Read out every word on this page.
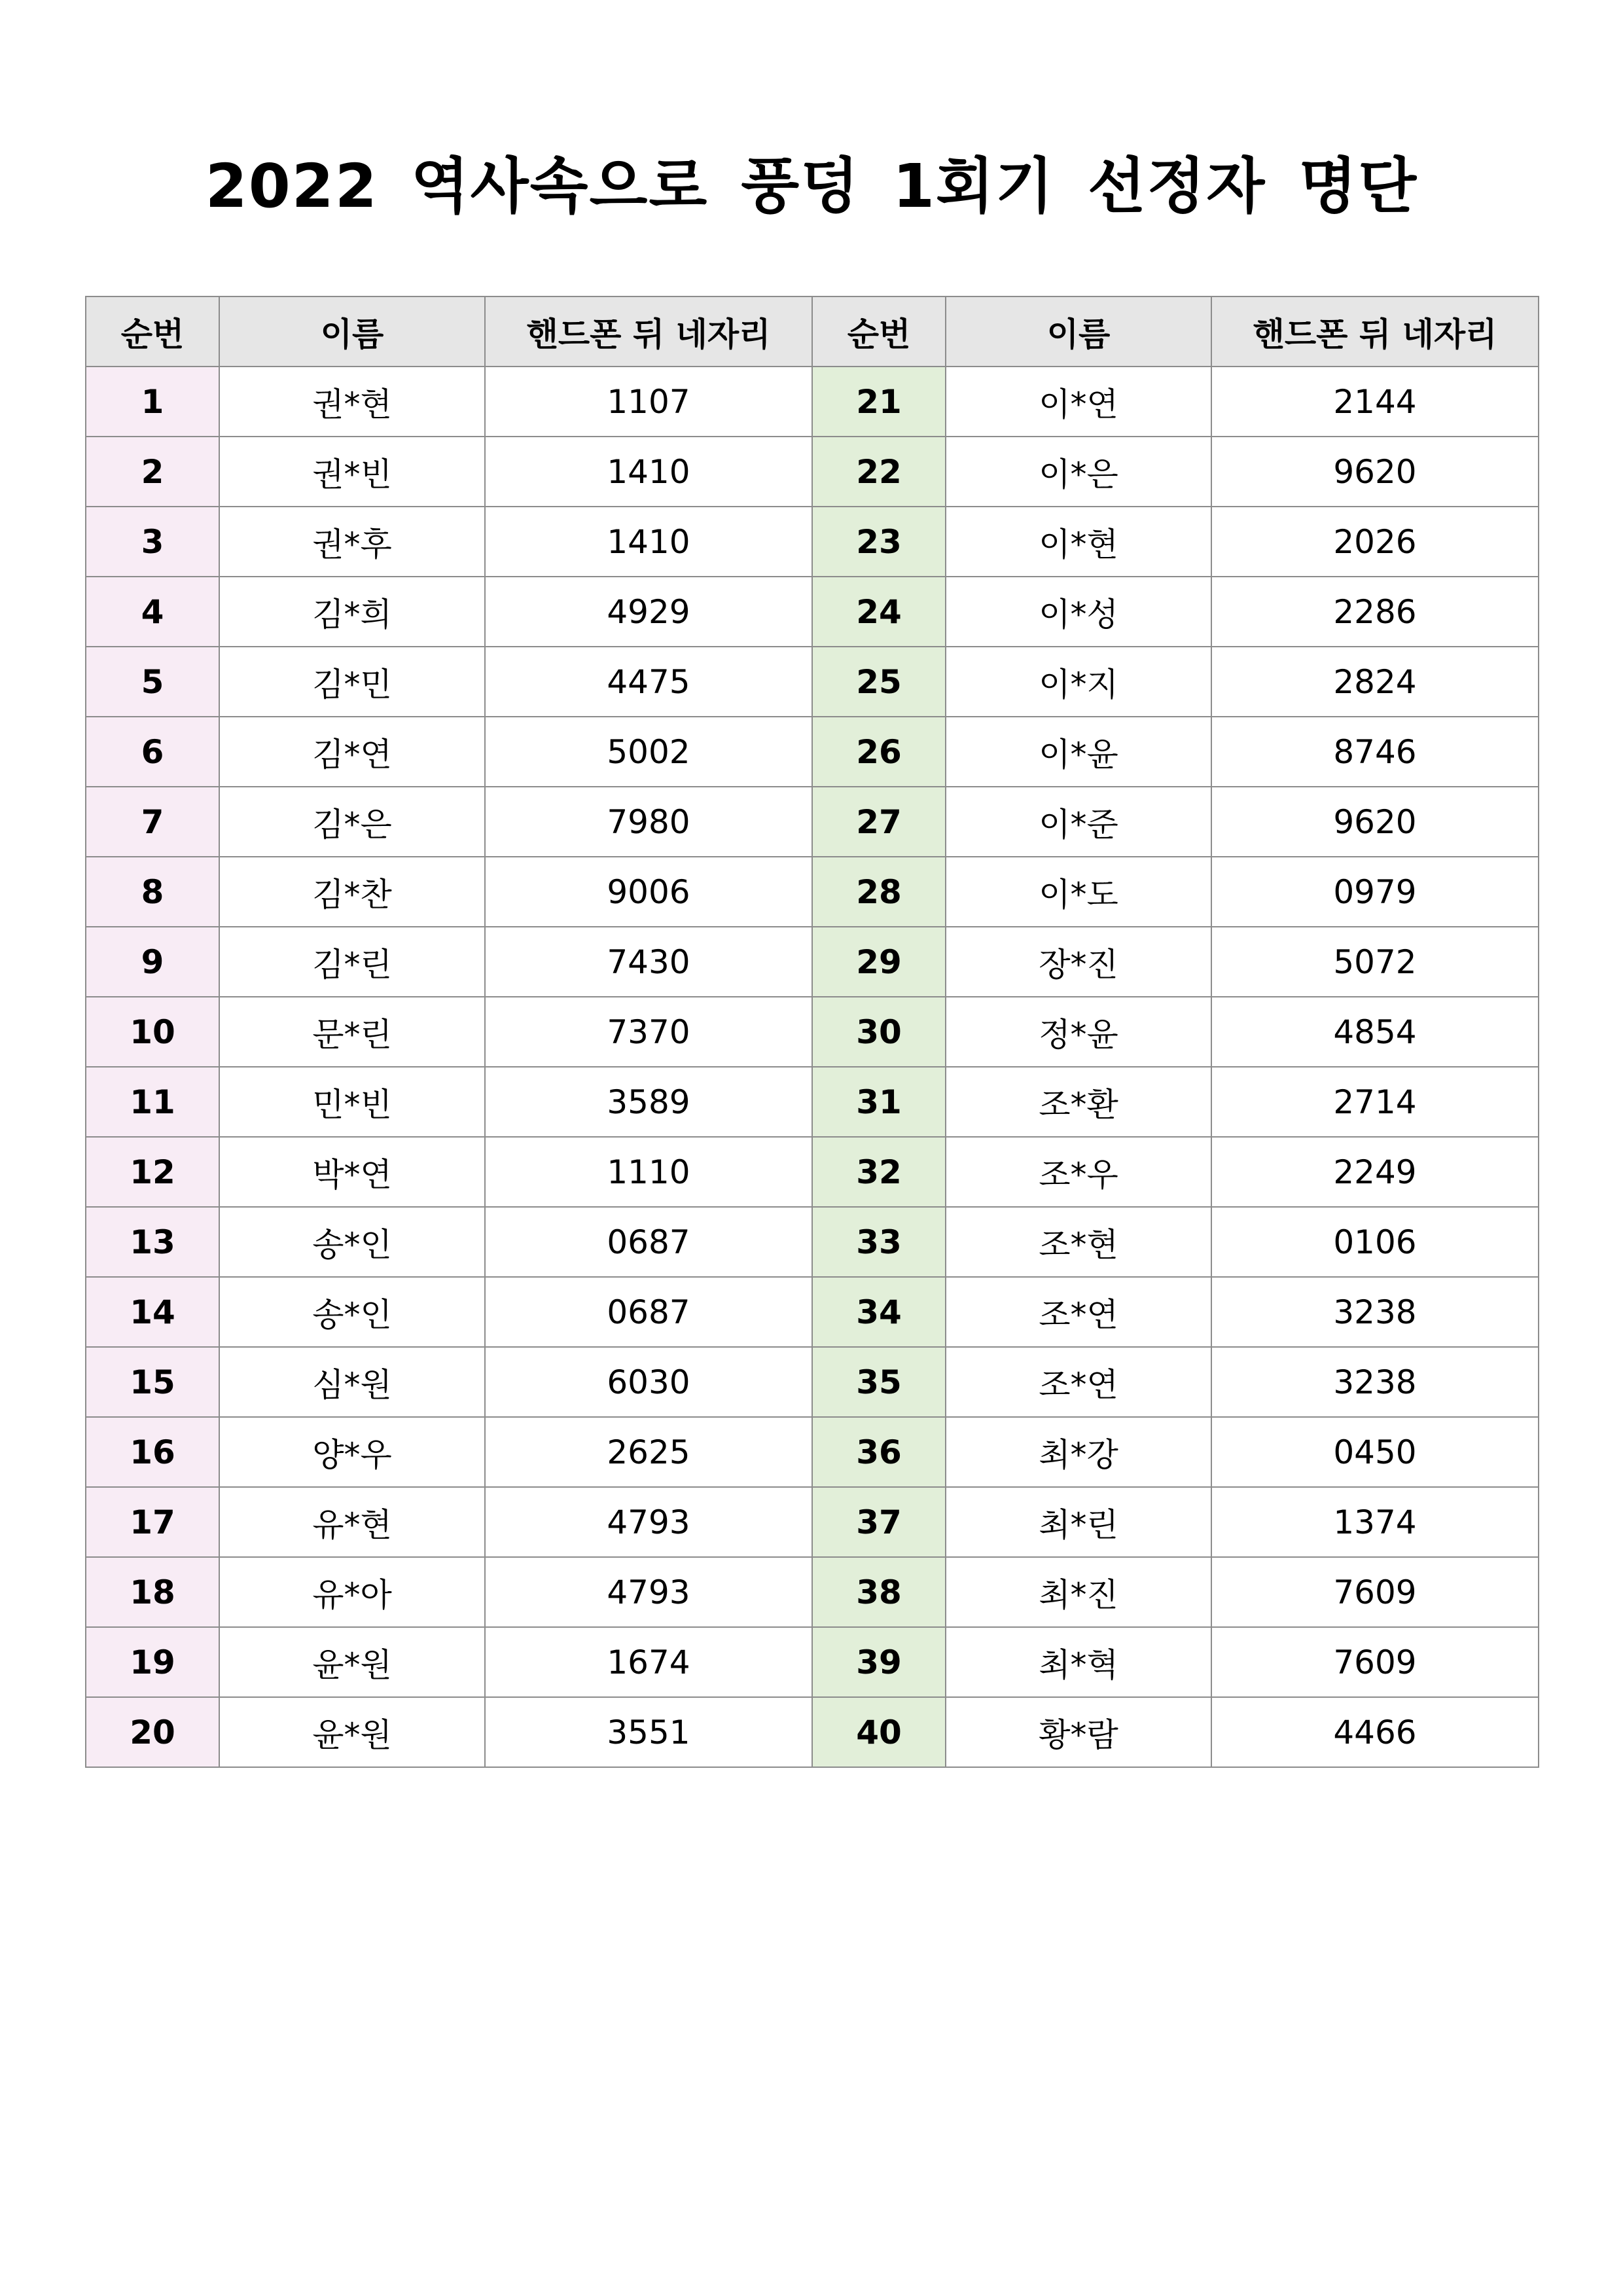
2022 역사속으로 풍덩 1회기 선정자 명단
순번	이름	핸드폰 뒤 네자리	순번	이름	핸드폰 뒤 네자리
1	권*현	1107	21	이*연	2144
2	권*빈	1410	22	이*은	9620
3	권*후	1410	23	이*현	2026
4	김*희	4929	24	이*성	2286
5	김*민	4475	25	이*지	2824
6	김*연	5002	26	이*윤	8746
7	김*은	7980	27	이*준	9620
8	김*찬	9006	28	이*도	0979
9	김*린	7430	29	장*진	5072
10	문*린	7370	30	정*윤	4854
11	민*빈	3589	31	조*환	2714
12	박*연	1110	32	조*우	2249
13	송*인	0687	33	조*현	0106
14	송*인	0687	34	조*연	3238
15	심*원	6030	35	조*연	3238
16	양*우	2625	36	최*강	0450
17	유*현	4793	37	최*린	1374
18	유*아	4793	38	최*진	7609
19	윤*원	1674	39	최*혁	7609
20	윤*원	3551	40	황*람	4466
